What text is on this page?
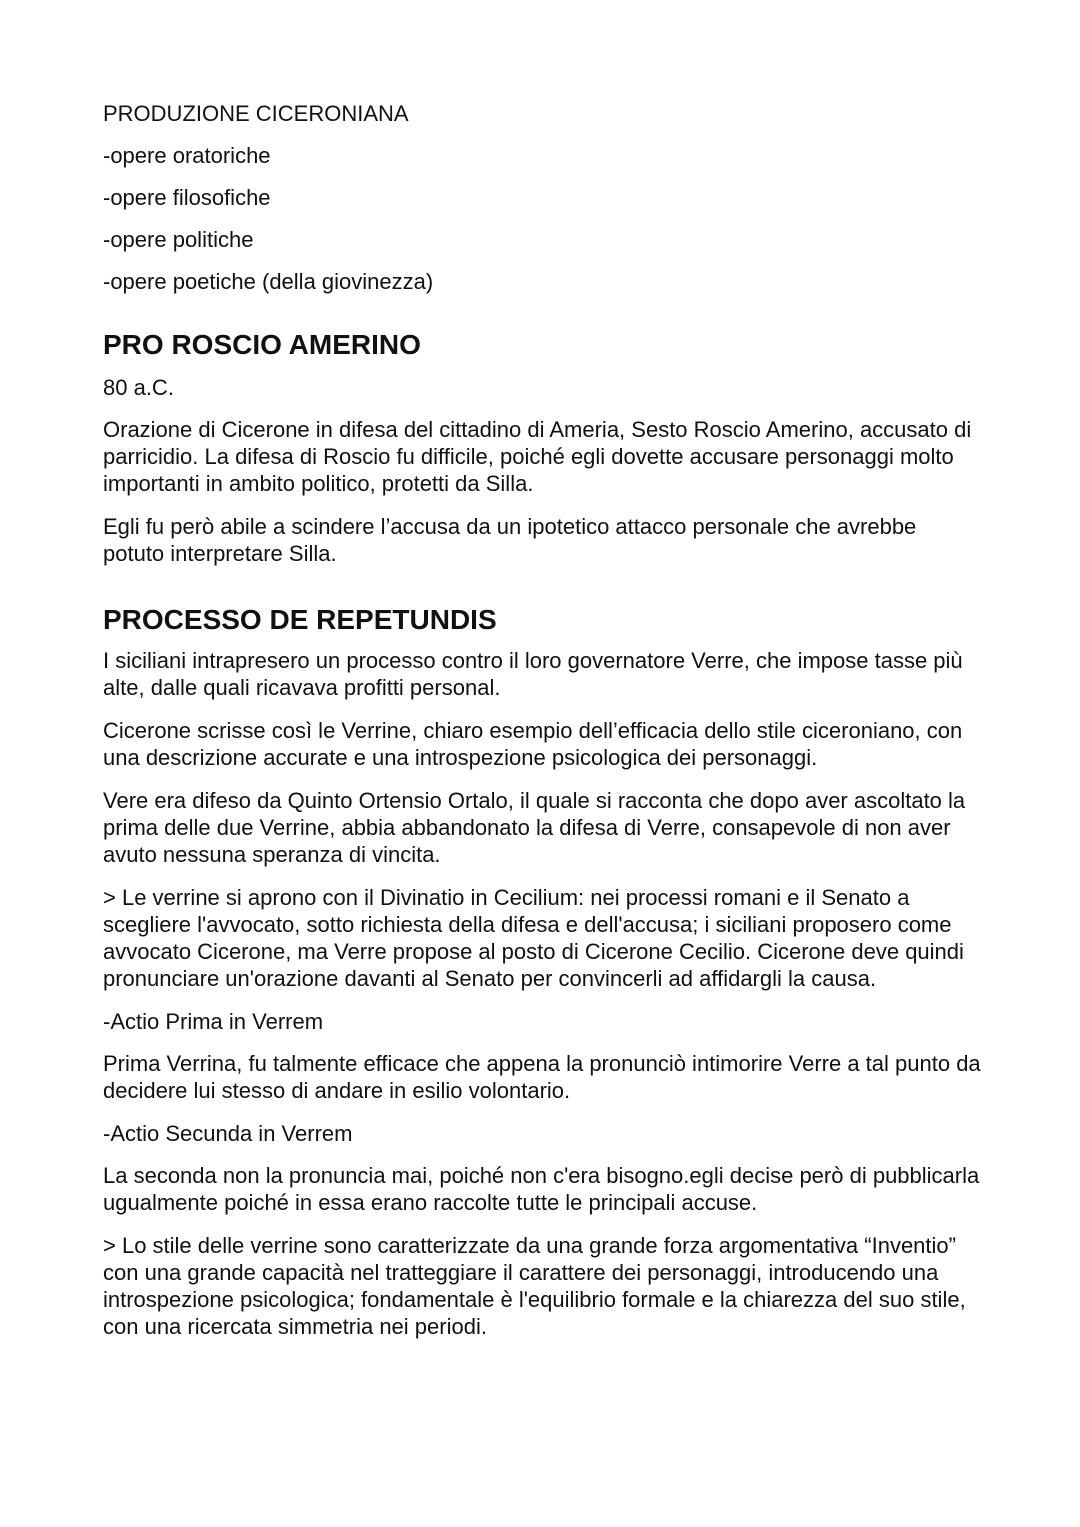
PRODUZIONE CICERONIANA

-opere oratoriche

-opere filosofiche

-opere politiche

-opere poetiche (della giovinezza)

PRO ROSCIO AMERINO

80 a.C.

Orazione di Cicerone in difesa del cittadino di Ameria, Sesto Roscio Amerino, accusato di parricidio. La difesa di Roscio fu difficile, poiché egli dovette accusare personaggi molto importanti in ambito politico, protetti da Silla.

Egli fu però abile a scindere l’accusa da un ipotetico attacco personale che avrebbe potuto interpretare Silla.

PROCESSO DE REPETUNDIS

I siciliani intrapresero un processo contro il loro governatore Verre, che impose tasse più alte, dalle quali ricavava profitti personal.

Cicerone scrisse così le Verrine, chiaro esempio dell’efficacia dello stile ciceroniano, con una descrizione accurate e una introspezione psicologica dei personaggi.

Vere era difeso da Quinto Ortensio Ortalo, il quale si racconta che dopo aver ascoltato la prima delle due Verrine, abbia abbandonato la difesa di Verre, consapevole di non aver avuto nessuna speranza di vincita.

> Le verrine si aprono con il Divinatio in Cecilium: nei processi romani e il Senato a scegliere l'avvocato, sotto richiesta della difesa e dell'accusa; i siciliani proposero come avvocato Cicerone, ma Verre propose al posto di Cicerone Cecilio. Cicerone deve quindi pronunciare un'orazione davanti al Senato per convincerli ad affidargli la causa.

-Actio Prima in Verrem

Prima Verrina, fu talmente efficace che appena la pronunciò intimorire Verre a tal punto da decidere lui stesso di andare in esilio volontario.

-Actio Secunda in Verrem

La seconda non la pronuncia mai, poiché non c'era bisogno.egli decise però di pubblicarla ugualmente poiché in essa erano raccolte tutte le principali accuse.

> Lo stile delle verrine sono caratterizzate da una grande forza argomentativa “Inventio” con una grande capacità nel tratteggiare il carattere dei personaggi, introducendo una introspezione psicologica; fondamentale è l'equilibrio formale e la chiarezza del suo stile, con una ricercata simmetria nei periodi.
